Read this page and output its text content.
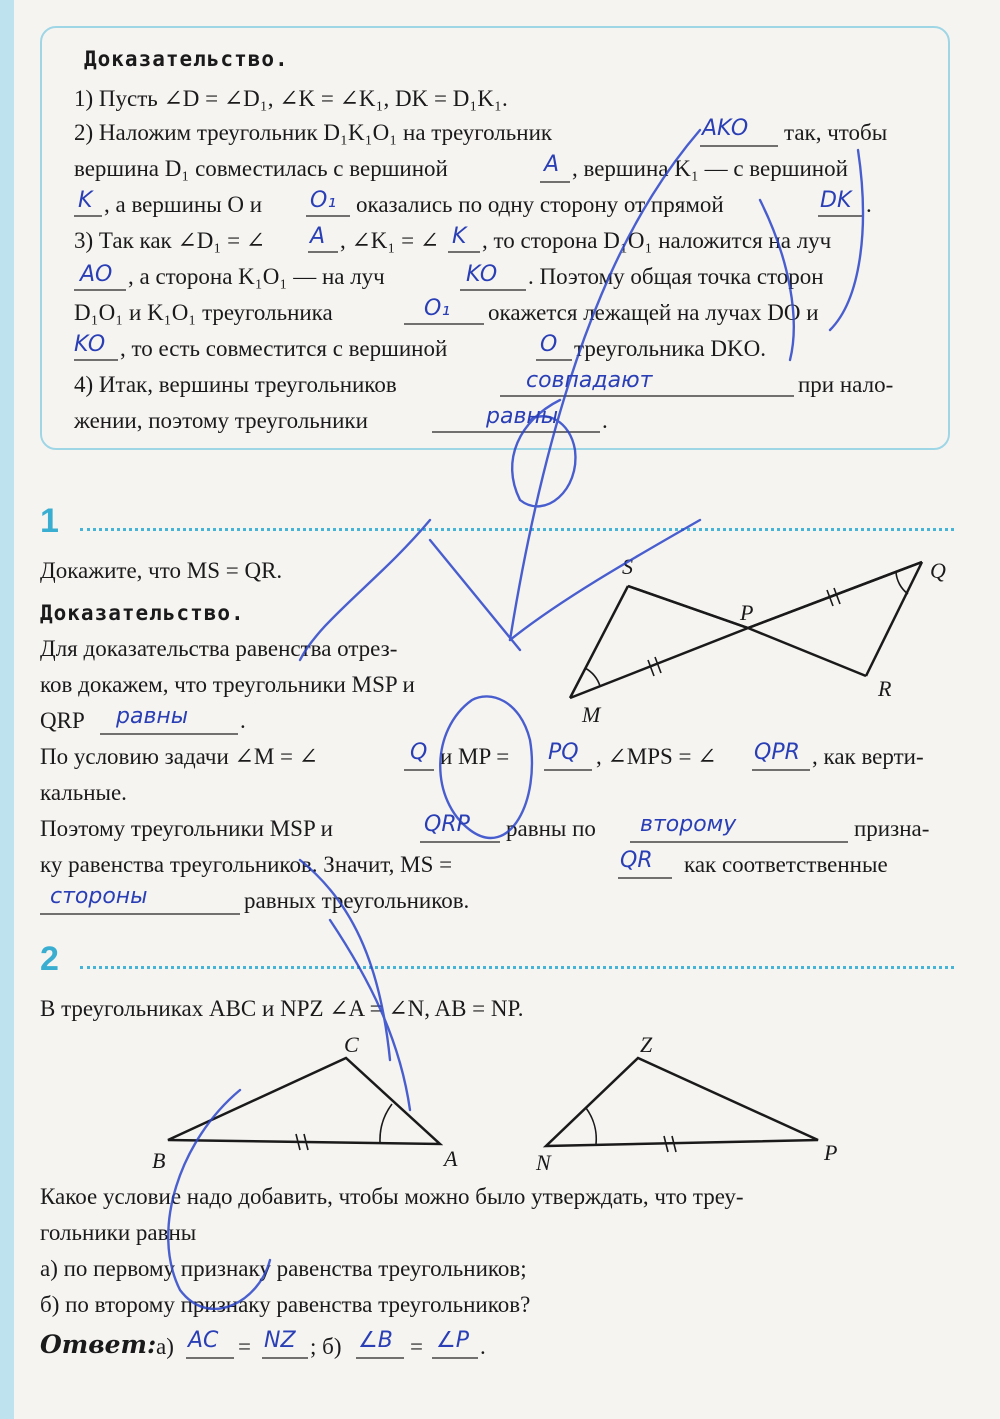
Доказательство.
1) Пусть ∠D = ∠D₁, ∠K = ∠K₁, DK = D₁K₁.
2) Наложим треугольник D₁K₁O₁ на треугольник	так, чтобы
вершина D₁ совместилась с вершиной	, вершина K₁ — с вершиной
, а вершины O и	оказались по одну сторону от прямой	.
3) Так как ∠D₁ = ∠	, ∠K₁ = ∠ , то сторона D₁O₁ наложится на луч
, а сторона K₁O₁ — на луч	. Поэтому общая точка сторон
D₁O₁ и K₁O₁ треугольника	окажется лежащей на лучах DO и
, то есть совместится с вершиной	треугольника DKO.
4) Итак, вершины треугольников	при нало-
жении, поэтому треугольники	.
1
Докажите, что MS = QR.
Доказательство.
Для доказательства равенства отрез-
ков докажем, что треугольники MSP и
QRP	.
По условию задачи ∠M = ∠	и MP =	, ∠MPS = ∠	, как верти-
кальные.
Поэтому треугольники MSP и	равны по	призна-
ку равенства треугольников. Значит, MS =	как соответственные
равных треугольников.
2
В треугольниках ABC и NPZ ∠A = ∠N, AB = NP.
Какое условие надо добавить, чтобы можно было утверждать, что треу-
гольники равны
а) по первому признаку равенства треугольников;
б) по второму признаку равенства треугольников?
Ответ: а)	=	; б)	= .
S	Q
P
M
R
C
B	A
Z
N	P
AKO
A
K	O₁	DK
A	K
AO	KO
O₁
KO	O
совпадают
равны
равны
Q	PQ	QPR
QRP	второму
QR
стороны
AC NZ	∠B ∠P
